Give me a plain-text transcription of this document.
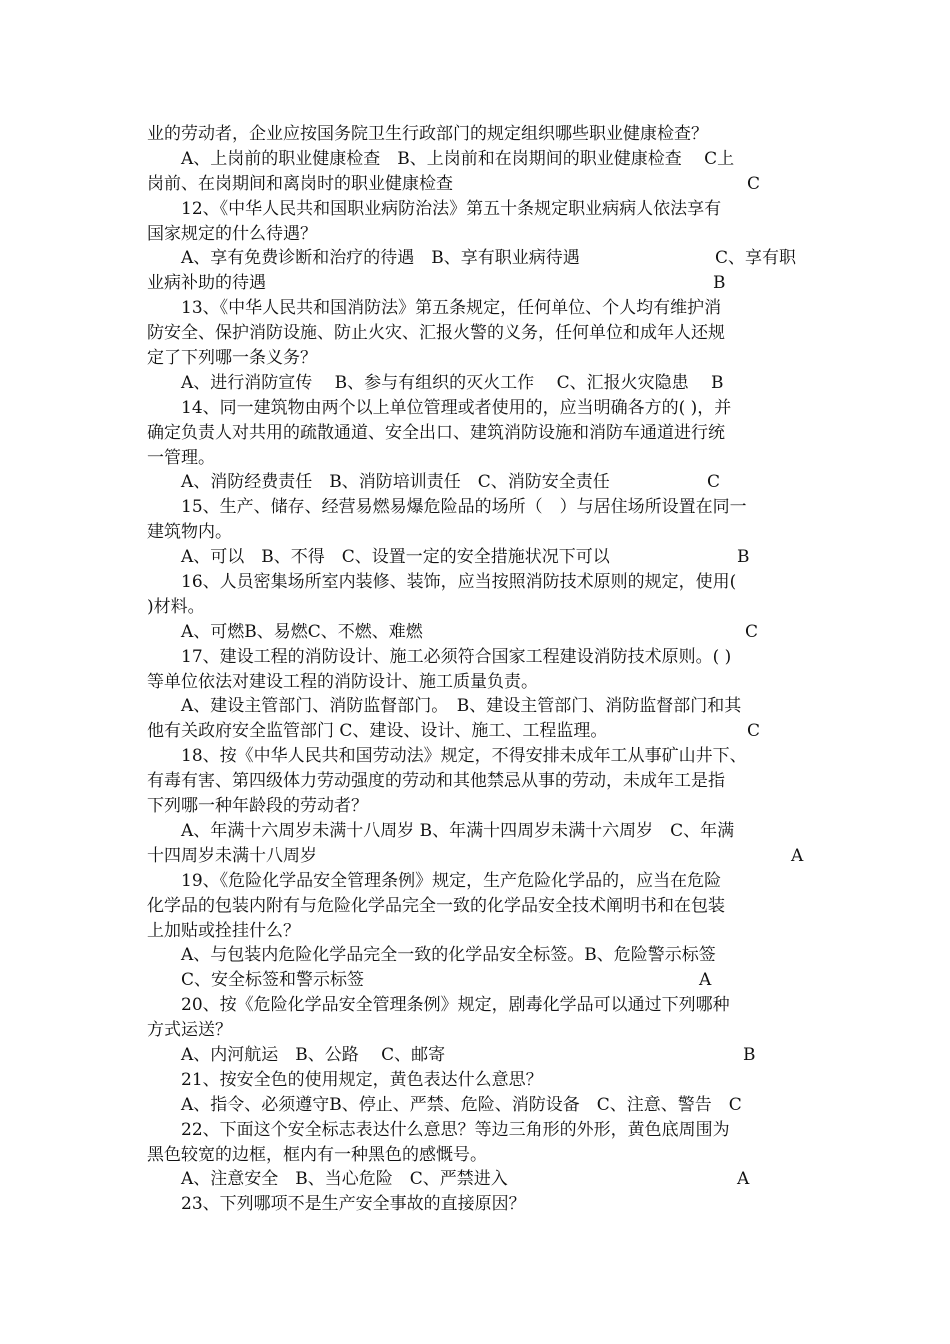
业的劳动者，企业应按国务院卫生行政部门的规定组织哪些职业健康检查？
A、上岗前的职业健康检查　B、上岗前和在岗期间的职业健康检查　 C上
岗前、在岗期间和离岗时的职业健康检查	C
12、《中华人民共和国职业病防治法》第五十条规定职业病病人依法享有
国家规定的什么待遇？
A、享有免费诊断和治疗的待遇　B、享有职业病待遇	C、享有职
业病补助的待遇	B
13、《中华人民共和国消防法》第五条规定，任何单位、个人均有维护消
防安全、保护消防设施、防止火灾、汇报火警的义务，任何单位和成年人还规
定了下列哪一条义务？
A、进行消防宣传　 B、参与有组织的灭火工作　 C、汇报火灾隐患　 B
14、同一建筑物由两个以上单位管理或者使用的，应当明确各方的( )，并
确定负责人对共用的疏散通道、安全出口、建筑消防设施和消防车通道进行统
一管理。
A、消防经费责任　B、消防培训责任　C、消防安全责任	C
15、生产、储存、经营易燃易爆危险品的场所（　）与居住场所设置在同一
建筑物内。
A、可以　B、不得　C、设置一定的安全措施状况下可以	B
16、人员密集场所室内装修、装饰，应当按照消防技术原则的规定，使用(
)材料。
A、可燃B、易燃C、不燃、难燃	C
17、建设工程的消防设计、施工必须符合国家工程建设消防技术原则。( )
等单位依法对建设工程的消防设计、施工质量负责。
A、建设主管部门、消防监督部门。　B、建设主管部门、消防监督部门和其
他有关政府安全监管部门 C、建设、设计、施工、工程监理。	C
18、按《中华人民共和国劳动法》规定，不得安排未成年工从事矿山井下、
有毒有害、第四级体力劳动强度的劳动和其他禁忌从事的劳动，未成年工是指
下列哪一种年龄段的劳动者？
A、年满十六周岁未满十八周岁 B、年满十四周岁未满十六周岁　C、年满
十四周岁未满十八周岁	A
19、《危险化学品安全管理条例》规定，生产危险化学品的，应当在危险
化学品的包装内附有与危险化学品完全一致的化学品安全技术阐明书和在包装
上加贴或拴挂什么？
A、与包装内危险化学品完全一致的化学品安全标签。B、危险警示标签
C、安全标签和警示标签	A
20、按《危险化学品安全管理条例》规定，剧毒化学品可以通过下列哪种
方式运送？
A、内河航运　B、公路　 C、邮寄	B
21、按安全色的使用规定，黄色表达什么意思？
A、指令、必须遵守B、停止、严禁、危险、消防设备　C、注意、警告　C
22、下面这个安全标志表达什么意思？等边三角形的外形，黄色底周围为
黑色较宽的边框，框内有一种黑色的感慨号。
A、注意安全　B、当心危险　C、严禁进入	A
23、下列哪项不是生产安全事故的直接原因？
